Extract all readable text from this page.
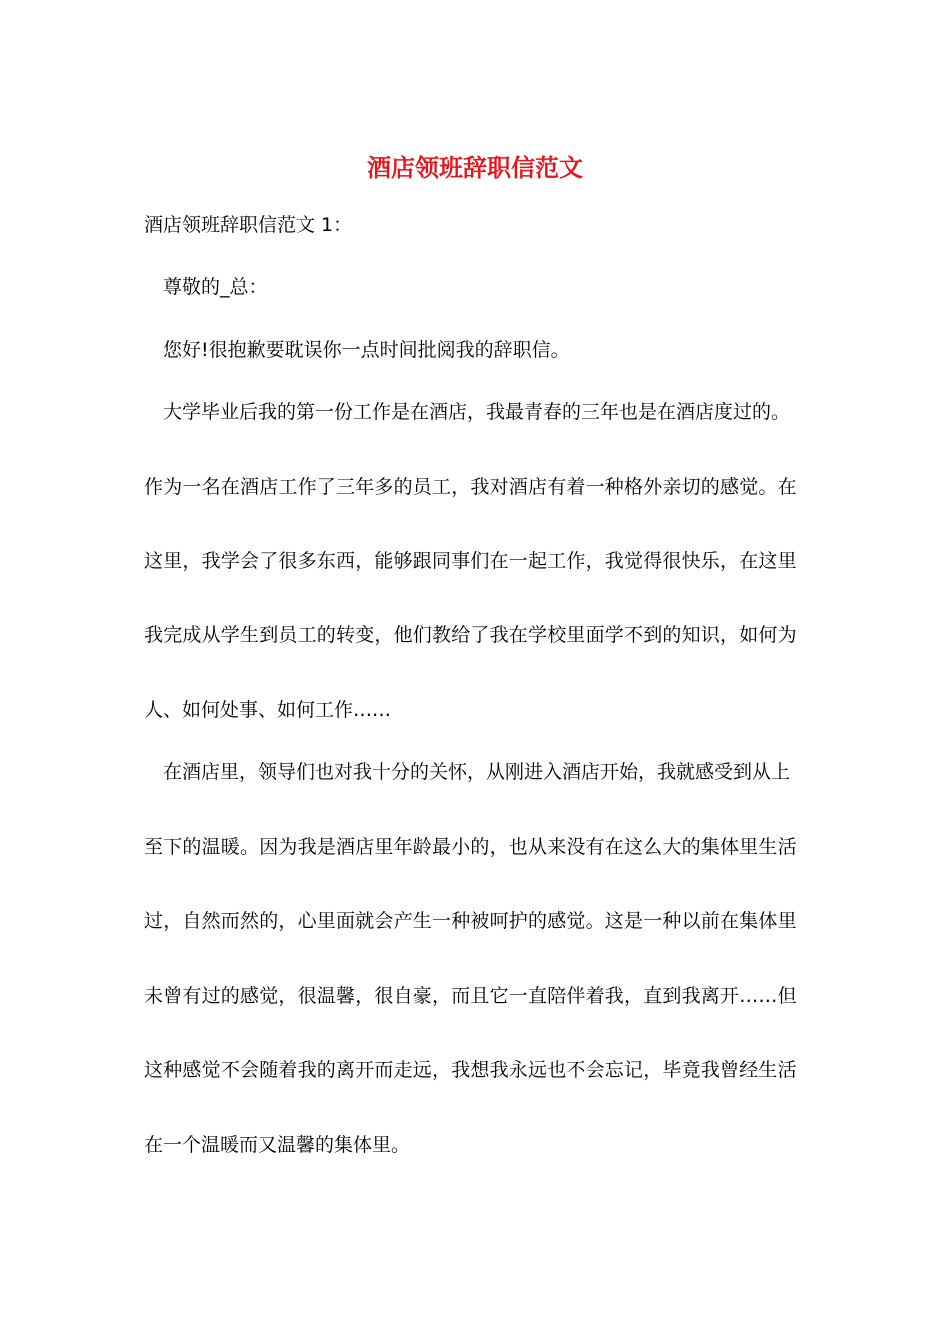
酒店领班辞职信范文
酒店领班辞职信范文 1：
尊敬的_总：
您好!很抱歉要耽误你一点时间批阅我的辞职信。
大学毕业后我的第一份工作是在酒店，我最青春的三年也是在酒店度过的。
作为一名在酒店工作了三年多的员工，我对酒店有着一种格外亲切的感觉。在
这里，我学会了很多东西，能够跟同事们在一起工作，我觉得很快乐，在这里
我完成从学生到员工的转变，他们教给了我在学校里面学不到的知识，如何为
人、如何处事、如何工作……
在酒店里，领导们也对我十分的关怀，从刚进入酒店开始，我就感受到从上
至下的温暖。因为我是酒店里年龄最小的，也从来没有在这么大的集体里生活
过，自然而然的，心里面就会产生一种被呵护的感觉。这是一种以前在集体里
未曾有过的感觉，很温馨，很自豪，而且它一直陪伴着我，直到我离开……但
这种感觉不会随着我的离开而走远，我想我永远也不会忘记，毕竟我曾经生活
在一个温暖而又温馨的集体里。
